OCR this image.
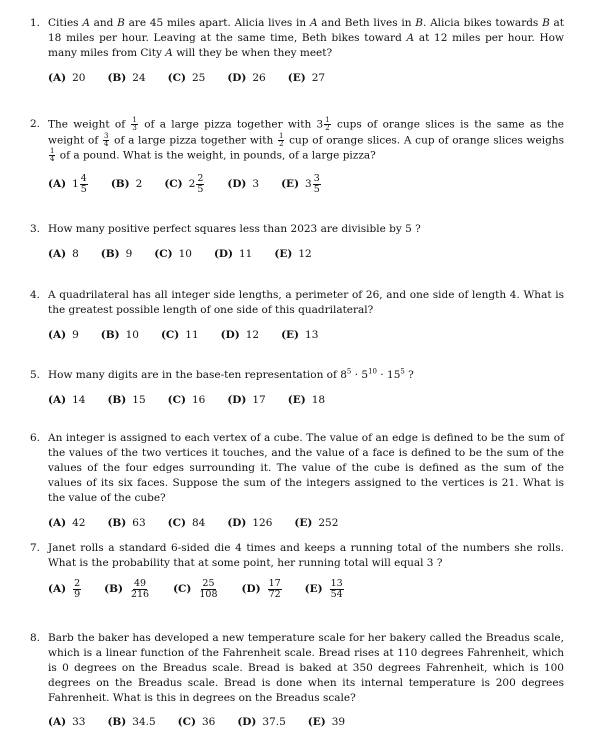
1. Cities A and B are 45 miles apart. Alicia lives in A and Beth lives in B. Alicia bikes towards B at 18 miles per hour. Leaving at the same time, Beth bikes toward A at 12 miles per hour. How many miles from City A will they be when they meet?
(A) 20 (B) 24 (C) 25 (D) 26 (E) 27
2. The weight of $\frac{1}{3}$ of a large pizza together with $3 \frac{1}{2}$ cups of orange slices is the same as the weight of $\frac{3}{4}$ of a large pizza together with $\frac{1}{2}$ cup of orange slices. A cup of orange slices weighs
$\frac{1}{4}$ of a pound. What is the weight, in pounds, of a large pizza?
(A) $1 \frac{4}{5} (B)$ 2 (C) $2 \frac{2}{5} (D)$ 3 (E) $3 \frac{3}{5}$
3. How many positive perfect squares less than 2023 are divisible by 5 ?
(A) 8 (B) 9 (C) 10 (D) 11 (E) 12
4. A quadrilateral has all integer side lengths, a perimeter of 26, and one side of length 4. What is the greatest possible length of one side of this quadrilateral?
(A) 9 (B) 10 (C) 11 (D) 12 (E) 13
5. How many digits are in the base-ten representation of $8^5 \cdot 5^{10} \cdot 15^5$ ?
(A) 14 (B) 15 (C) 16 (D) 17 (E) 18
6. An integer is assigned to each vertex of a cube. The value of an edge is defined to be the sum of the values of the two vertices it touches, and the value of a face is defined to be the sum of the values of the four edges surrounding it. The value of the cube is defined as the sum of the values of its six faces. Suppose the sum of the integers assigned to the vertices is 21. What is the value of the cube?
(A) 42 (B) 63 (C) 84 (D) 126 (E) 252
7. Janet rolls a standard 6-sided die 4 times and keeps a running total of the numbers she rolls. What is the probability that at some point, her running total will equal 3 ?
$(A) \frac{2}{9} (B) \frac{49}{216} (C) \frac{25}{108} (D) \frac{17}{72} (E) \frac{13}{54}$
8. Barb the baker has developed a new temperature scale for her bakery called the Breadus scale, which is a linear function of the Fahrenheit scale. Bread rises at 110 degrees Fahrenheit, which is 0 degrees on the Breadus scale. Bread is baked at 350 degrees Fahrenheit, which is 100 degrees on the Breadus scale. Bread is done when its internal temperature is 200 degrees Fahrenheit. What is this in degrees on the Breadus scale?
(A) 33 (B) 34.5 (C) 36 (D) 37.5 (E) 39
